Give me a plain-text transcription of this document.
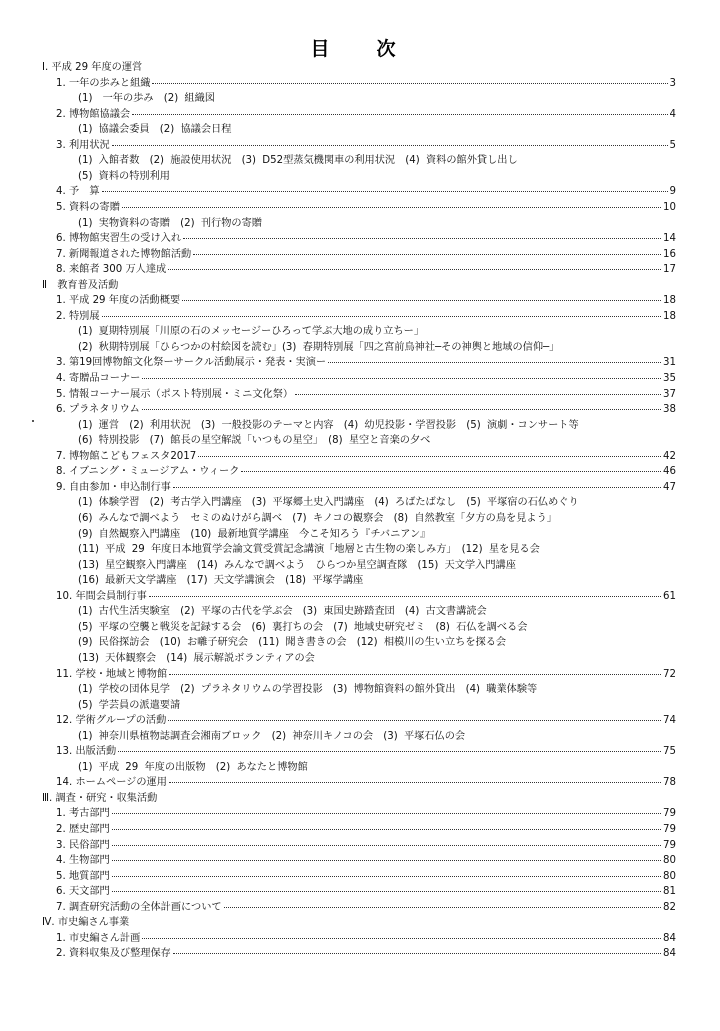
目　次
Ⅰ. 平成 29 年度の運営
1. 一年の歩みと組織	3
(1)　一年の歩み　(2) 組織図
2. 博物館協議会	4
(1) 協議会委員　(2) 協議会日程
3. 利用状況	5
(1) 入館者数　(2) 施設使用状況　(3) D52型蒸気機関車の利用状況　(4) 資料の館外貸し出し
(5) 資料の特別利用
4. 予　算	9
5. 資料の寄贈	10
(1) 実物資料の寄贈　(2) 刊行物の寄贈
6. 博物館実習生の受け入れ	14
7. 新聞報道された博物館活動	16
8. 来館者 300 万人達成	17
Ⅱ　教育普及活動
1. 平成 29 年度の活動概要	18
2. 特別展	18
(1) 夏期特別展「川原の石のメッセージーひろって学ぶ大地の成り立ちー」
(2) 秋期特別展「ひらつかの村絵図を読む」(3) 春期特別展「四之宮前鳥神社─その神輿と地域の信仰─」
3. 第19回博物館文化祭ーサークル活動展示・発表・実演ー	31
4. 寄贈品コーナー	35
5. 情報コーナー展示（ポスト特別展・ミニ文化祭）	37
6. プラネタリウム	38
(1) 運営　(2) 利用状況　(3) 一般投影のテーマと内容　(4) 幼児投影・学習投影　(5) 演劇・コンサート等
(6) 特別投影　(7) 館長の星空解説「いつもの星空」　(8) 星空と音楽の夕べ
7. 博物館こどもフェスタ2017	42
8. イブニング・ミュージアム・ウィーク	46
9. 自由参加・申込制行事	47
(1) 体験学習　(2) 考古学入門講座　(3) 平塚郷土史入門講座　(4) ろばたばなし　(5) 平塚宿の石仏めぐり
(6) みんなで調べよう　セミのぬけがら調べ　(7) キノコの観察会　(8) 自然教室「夕方の鳥を見よう」
(9) 自然観察入門講座　(10) 最新地質学講座　今こそ知ろう『チバニアン』
(11) 平成 29 年度日本地質学会論文賞受賞記念講演「地層と古生物の楽しみ方」　(12) 星を見る会
(13) 星空観察入門講座　(14) みんなで調べよう　ひらつか星空調査隊　(15) 天文学入門講座
(16) 最新天文学講座　(17) 天文学講演会　(18) 平塚学講座
10. 年間会員制行事	61
(1) 古代生活実験室　(2) 平塚の古代を学ぶ会　(3) 東国史跡踏査団　(4) 古文書講読会
(5) 平塚の空襲と戦災を記録する会　(6) 裏打ちの会　(7) 地域史研究ゼミ　(8) 石仏を調べる会
(9) 民俗探訪会　(10) お囃子研究会　(11) 聞き書きの会　(12) 相模川の生い立ちを探る会
(13) 天体観察会　(14) 展示解説ボランティアの会
11. 学校・地域と博物館	72
(1) 学校の団体見学　(2) プラネタリウムの学習投影　(3) 博物館資料の館外貸出　(4) 職業体験等
(5) 学芸員の派遣要請
12. 学術グループの活動	74
(1) 神奈川県植物誌調査会湘南ブロック　(2) 神奈川キノコの会　(3) 平塚石仏の会
13. 出版活動	75
(1) 平成 29 年度の出版物　(2) あなたと博物館
14. ホームページの運用	78
Ⅲ. 調査・研究・収集活動
1. 考古部門	79
2. 歴史部門	79
3. 民俗部門	79
4. 生物部門	80
5. 地質部門	80
6. 天文部門	81
7. 調査研究活動の全体計画について	82
Ⅳ. 市史編さん事業
1. 市史編さん計画	84
2. 資料収集及び整理保存	84
